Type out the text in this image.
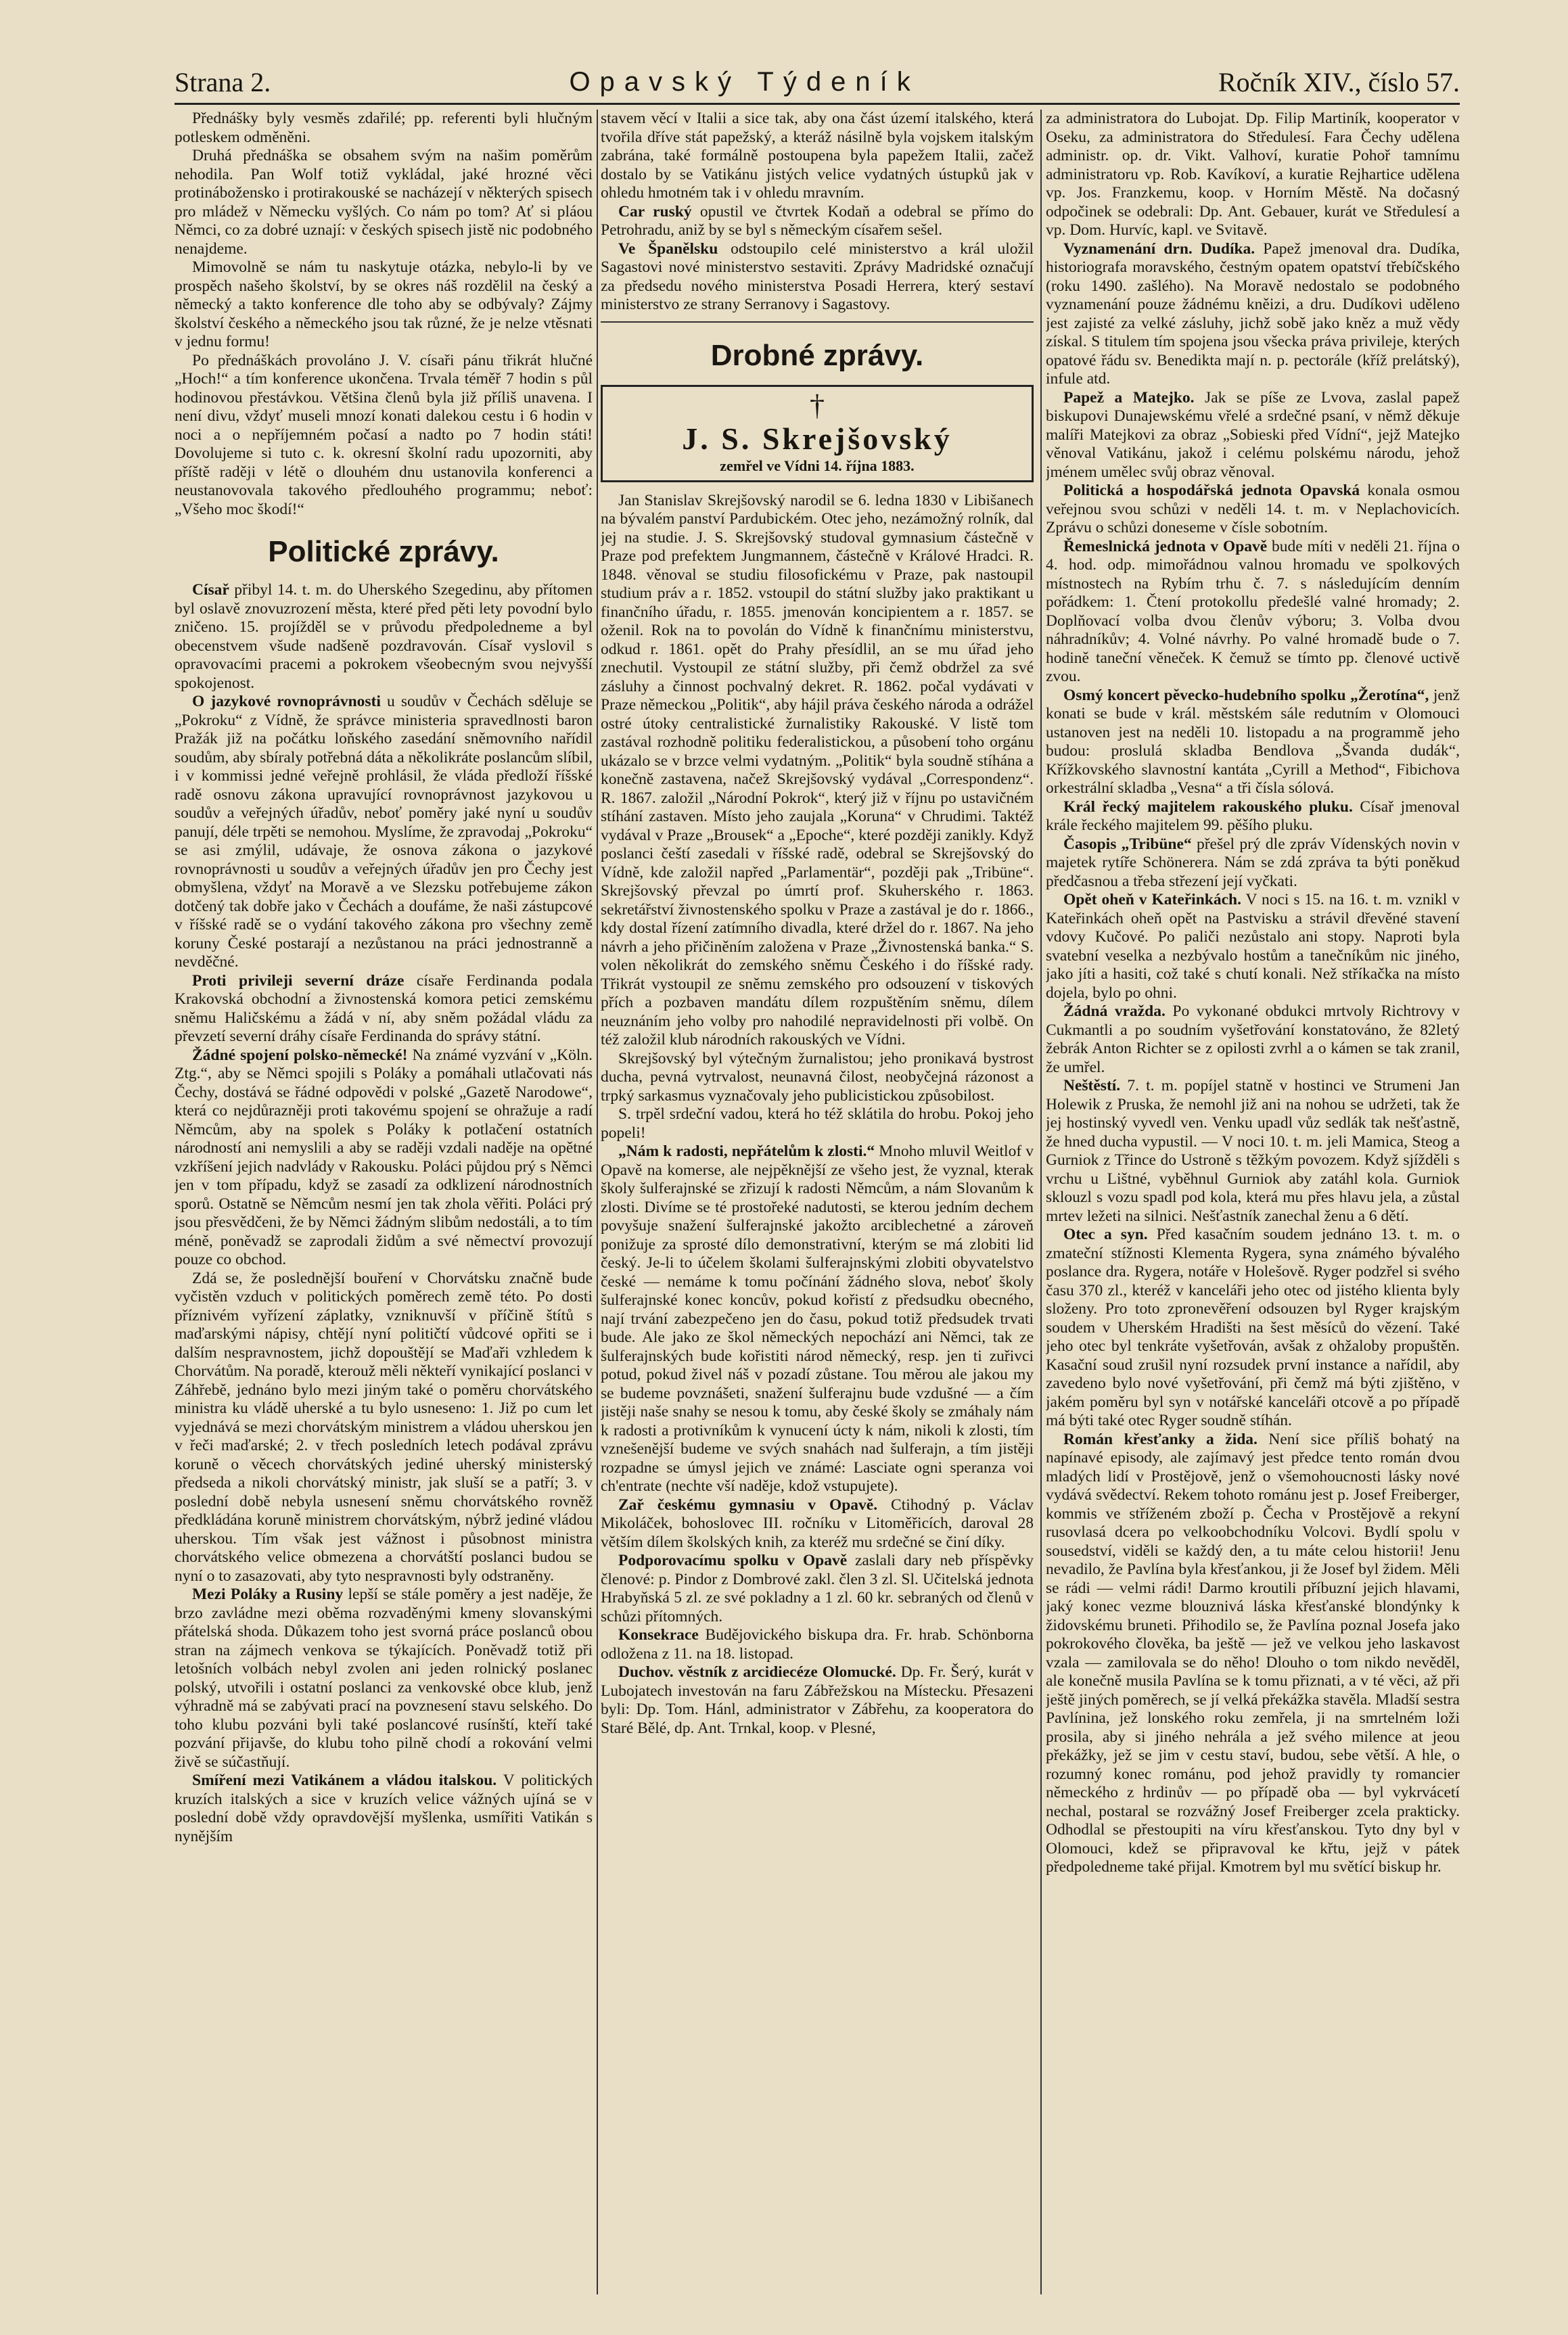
Strana 2.	Opavský Týdeník	Ročník XIV., číslo 57.

Přednášky byly vesměs zdařilé; pp. referenti byli hlučným potleskem odměněni.

Druhá přednáška se obsahem svým na našim poměrům nehodila. Pan Wolf totiž vykládal, jaké hrozné věci protinábožensko i protirakouské se nacházejí v některých spisech pro mládež v Německu vyšlých. Co nám po tom? Ať si pláou Němci, co za dobré uznají: v českých spisech jistě nic podobného nenajdeme.

Mimovolně se nám tu naskytuje otázka, nebylo-li by ve prospěch našeho školství, by se okres náš rozdělil na český a německý a takto konference dle toho aby se odbývaly? Zájmy školství českého a německého jsou tak různé, že je nelze vtěsnati v jednu formu!

Po přednáškách provoláno J. V. císaři pánu třikrát hlučné „Hoch!“ a tím konference ukončena. Trvala téměř 7 hodin s půl hodinovou přestávkou. Většina členů byla již příliš unavena. I není divu, vždyť museli mnozí konati dalekou cestu i 6 hodin v noci a o nepříjemném počasí a nadto po 7 hodin státi! Dovolujeme si tuto c. k. okresní školní radu upozorniti, aby příště raději v létě o dlouhém dnu ustanovila konferenci a neustanovovala takového předlouhého programmu; neboť: „Všeho moc škodí!“

Politické zprávy.

Císař přibyl 14. t. m. do Uherského Szegedinu, aby přítomen byl oslavě znovuzrození města, které před pěti lety povodní bylo zničeno. 15. projížděl se v průvodu předpoledneme a byl obecenstvem všude nadšeně pozdravován. Císař vyslovil s opravovacími pracemi a pokrokem všeobecným svou nejvyšší spokojenost.

O jazykové rovnoprávnosti u soudův v Čechách sděluje se „Pokroku“ z Vídně, že správce ministeria spravedlnosti baron Pražák již na počátku loňského zasedání sněmovního nařídil soudům, aby sbíraly potřebná dáta a několikráte poslancům slíbil, i v kommissi jedné veřejně prohlásil, že vláda předloží říšské radě osnovu zákona upravující rovnoprávnost jazykovou u soudův a veřejných úřadův, neboť poměry jaké nyní u soudův panují, déle trpěti se nemohou. Myslíme, že zpravodaj „Pokroku“ se asi zmýlil, udávaje, že osnova zákona o jazykové rovnoprávnosti u soudův a veřejných úřadův jen pro Čechy jest obmyšlena, vždyť na Moravě a ve Slezsku potřebujeme zákon dotčený tak dobře jako v Čechách a doufáme, že naši zástupcové v říšské radě se o vydání takového zákona pro všechny země koruny České postarají a nezůstanou na práci jednostranně a nevděčné.

Proti privileji severní dráze císaře Ferdinanda podala Krakovská obchodní a živnostenská komora petici zemskému sněmu Haličskému a žádá v ní, aby sněm požádal vládu za převzetí severní dráhy císaře Ferdinanda do správy státní.

Žádné spojení polsko-německé! Na známé vyzvání v „Köln. Ztg.“, aby se Němci spojili s Poláky a pomáhali utlačovati nás Čechy, dostává se řádné odpovědi v polské „Gazetě Narodowe“, která co nejdůrazněji proti takovému spojení se ohražuje a radí Němcům, aby na spolek s Poláky k potlačení ostatních národností ani nemyslili a aby se raději vzdali naděje na opětné vzkříšení jejich nadvlády v Rakousku. Poláci půjdou prý s Němci jen v tom případu, když se zasadí za odklizení národnostních sporů. Ostatně se Němcům nesmí jen tak zhola věřiti. Poláci prý jsou přesvědčeni, že by Němci žádným slibům nedostáli, a to tím méně, poněvadž se zaprodali židům a své němectví provozují pouze co obchod.

Zdá se, že poslednější bouření v Chorvátsku značně bude vyčistěn vzduch v politických poměrech země této. Po dosti příznivém vyřízení záplatky, vzniknuvší v příčině štítů s maďarskými nápisy, chtějí nyní političtí vůdcové opřiti se i dalším nespravnostem, jichž dopouštějí se Maďaři vzhledem k Chorvátům. Na poradě, kterouž měli někteří vynikající poslanci v Záhřebě, jednáno bylo mezi jiným také o poměru chorvátského ministra ku vládě uherské a tu bylo usneseno: 1. Již po cum let vyjednává se mezi chorvátským ministrem a vládou uherskou jen v řeči maďarské; 2. v třech posledních letech podával zprávu koruně o věcech chorvátských jediné uherský ministerský předseda a nikoli chorvátský ministr, jak sluší se a patří; 3. v poslední době nebyla usnesení sněmu chorvátského rovněž předkládána koruně ministrem chorvátským, nýbrž jediné vládou uherskou. Tím však jest vážnost i působnost ministra chorvátského velice obmezena a chorvátští poslanci budou se nyní o to zasazovati, aby tyto nespravnosti byly odstraněny.

Mezi Poláky a Rusiny lepší se stále poměry a jest naděje, že brzo zavládne mezi oběma rozvaděnými kmeny slovanskými přátelská shoda. Důkazem toho jest svorná práce poslanců obou stran na zájmech venkova se týkajících. Poněvadž totiž při letošních volbách nebyl zvolen ani jeden rolnický poslanec polský, utvořili i ostatní poslanci za venkovské obce klub, jenž výhradně má se zabývati prací na povznesení stavu selského. Do toho klubu pozváni byli také poslancové rusínští, kteří také pozvání přijavše, do klubu toho pilně chodí a rokování velmi živě se súčastňují.

Smíření mezi Vatikánem a vládou italskou. V politických kruzích italských a sice v kruzích velice vážných ujíná se v poslední době vždy opravdovější myšlenka, usmířiti Vatikán s nynějším

stavem věcí v Italii a sice tak, aby ona část území italského, která tvořila dříve stát papežský, a kteráž násilně byla vojskem italským zabrána, také formálně postoupena byla papežem Italii, začež dostalo by se Vatikánu jistých velice vydatných ústupků jak v ohledu hmotném tak i v ohledu mravním.

Car ruský opustil ve čtvrtek Kodaň a odebral se přímo do Petrohradu, aniž by se byl s německým císařem sešel.

Ve Španělsku odstoupilo celé ministerstvo a král uložil Sagastovi nové ministerstvo sestaviti. Zprávy Madridské označují za předsedu nového ministerstva Posadi Herrera, který sestaví ministerstvo ze strany Serranovy i Sagastovy.

Drobné zprávy.
†
J. S. Skrejšovský
zemřel ve Vídni 14. října 1883.

Jan Stanislav Skrejšovský narodil se 6. ledna 1830 v Libišanech na bývalém panství Pardubickém. Otec jeho, nezámožný rolník, dal jej na studie. J. S. Skrejšovský studoval gymnasium částečně v Praze pod prefektem Jungmannem, částečně v Králové Hradci. R. 1848. věnoval se studiu filosofickému v Praze, pak nastoupil studium práv a r. 1852. vstoupil do státní služby jako praktikant u finančního úřadu, r. 1855. jmenován koncipientem a r. 1857. se oženil. Rok na to povolán do Vídně k finančnímu ministerstvu, odkud r. 1861. opět do Prahy přesídlil, an se mu úřad jeho znechutil. Vystoupil ze státní služby, při čemž obdržel za své zásluhy a činnost pochvalný dekret. R. 1862. počal vydávati v Praze německou „Politik“, aby hájil práva českého národa a odrážel ostré útoky centralistické žurnalistiky Rakouské. V listě tom zastával rozhodně politiku federalistickou, a působení toho orgánu ukázalo se v brzce velmi vydatným. „Politik“ byla soudně stíhána a konečně zastavena, načež Skrejšovský vydával „Correspondenz“. R. 1867. založil „Národní Pokrok“, který již v říjnu po ustavičném stíhání zastaven. Místo jeho zaujala „Koruna“ v Chrudimi. Taktéž vydával v Praze „Brousek“ a „Epoche“, které později zanikly. Když poslanci čeští zasedali v říšské radě, odebral se Skrejšovský do Vídně, kde založil napřed „Parlamentär“, později pak „Tribüne“. Skrejšovský převzal po úmrtí prof. Skuherského r. 1863. sekretářství živnostenského spolku v Praze a zastával je do r. 1866., kdy dostal řízení zatímního divadla, které držel do r. 1867. Na jeho návrh a jeho přičiněním založena v Praze „Živnostenská banka.“ S. volen několikrát do zemského sněmu Českého i do říšské rady. Třikrát vystoupil ze sněmu zemského pro odsouzení v tiskových přích a pozbaven mandátu dílem rozpuštěním sněmu, dílem neuznáním jeho volby pro nahodilé nepravidelnosti při volbě. On též založil klub národních rakouských ve Vídni.

Skrejšovský byl výtečným žurnalistou; jeho pronikavá bystrost ducha, pevná vytrvalost, neunavná čilost, neobyčejná rázonost a trpký sarkasmus vyznačovaly jeho publicistickou způsobilost.

S. trpěl srdeční vadou, která ho též sklátila do hrobu. Pokoj jeho popeli!

„Nám k radosti, nepřátelům k zlosti.“ Mnoho mluvil Weitlof v Opavě na komerse, ale nejpěknější ze všeho jest, že vyznal, kterak školy šulferajnské se zřizují k radosti Němcům, a nám Slovanům k zlosti. Divíme se té prostořeké nadutosti, se kterou jedním dechem povyšuje snažení šulferajnské jakožto arciblechetné a zároveň ponižuje za sprosté dílo demonstrativní, kterým se má zlobiti lid český. Je-li to účelem školami šulferajnskými zlobiti obyvatelstvo české — nemáme k tomu počínání žádného slova, neboť školy šulferajnské konec koncův, pokud kořistí z předsudku obecného, nají trvání zabezpečeno jen do času, pokud totiž předsudek trvati bude. Ale jako ze škol německých nepochází ani Němci, tak ze šulferajnských bude kořistiti národ německý, resp. jen ti zuřivci potud, pokud živel náš v pozadí zůstane. Tou měrou ale jakou my se budeme povznášeti, snažení šulferajnu bude vzdušné — a čím jistěji naše snahy se nesou k tomu, aby české školy se zmáhaly nám k radosti a protivníkům k vynucení úcty k nám, nikoli k zlosti, tím vznešenější budeme ve svých snahách nad šulferajn, a tím jistěji rozpadne se úmysl jejich ve známé: Lasciate ogni speranza voi ch'entrate (nechte vší naděje, kdož vstupujete).

Zař českému gymnasiu v Opavě. Ctihodný p. Václav Mikoláček, bohoslovec III. ročníku v Litoměřicích, daroval 28 větším dílem školských knih, za kteréž mu srdečné se činí díky.

Podporovacímu spolku v Opavě zaslali dary neb příspěvky členové: p. Pindor z Dombrové zakl. člen 3 zl. Sl. Učitelská jednota Hrabyňská 5 zl. ze své pokladny a 1 zl. 60 kr. sebraných od členů v schůzi přítomných.

Konsekrace Budějovického biskupa dra. Fr. hrab. Schönborna odložena z 11. na 18. listopad.

Duchov. věstník z arcidiecéze Olomucké. Dp. Fr. Šerý, kurát v Lubojatech investován na faru Zábřežskou na Místecku. Přesazeni byli: Dp. Tom. Hánl, administrator v Zábřehu, za kooperatora do Staré Bělé, dp. Ant. Trnkal, koop. v Plesné,

za administratora do Lubojat. Dp. Filip Martiník, kooperator v Oseku, za administratora do Středulesí. Fara Čechy udělena administr. op. dr. Vikt. Valhoví, kuratie Pohoř tamnímu administratoru vp. Rob. Kavíkoví, a kuratie Rejhartice udělena vp. Jos. Franzkemu, koop. v Horním Městě. Na dočasný odpočinek se odebrali: Dp. Ant. Gebauer, kurát ve Středulesí a vp. Dom. Hurvíc, kapl. ve Svitavě.

Vyznamenání drn. Dudíka. Papež jmenoval dra. Dudíka, historiografa moravského, čestným opatem opatství třebíčského (roku 1490. zašlého). Na Moravě nedostalo se podobného vyznamenání pouze žádnému kněizi, a dru. Dudíkovi uděleno jest zajisté za velké zásluhy, jichž sobě jako kněz a muž vědy získal. S titulem tím spojena jsou všecka práva privileje, kterých opatové řádu sv. Benedikta mají n. p. pectorále (kříž prelátský), infule atd.

Papež a Matejko. Jak se píše ze Lvova, zaslal papež biskupovi Dunajewskému vřelé a srdečné psaní, v němž děkuje malíři Matejkovi za obraz „Sobieski před Vídní“, jejž Matejko věnoval Vatikánu, jakož i celému polskému národu, jehož jménem umělec svůj obraz věnoval.

Politická a hospodářská jednota Opavská konala osmou veřejnou svou schůzi v neděli 14. t. m. v Neplachovicích. Zprávu o schůzi doneseme v čísle sobotním.

Řemeslnická jednota v Opavě bude míti v neděli 21. října o 4. hod. odp. mimořádnou valnou hromadu ve spolkových místnostech na Rybím trhu č. 7. s následujícím denním pořádkem: 1. Čtení protokollu předešlé valné hromady; 2. Doplňovací volba dvou členův výboru; 3. Volba dvou náhradníkův; 4. Volné návrhy. Po valné hromadě bude o 7. hodině taneční věneček. K čemuž se tímto pp. členové uctivě zvou.

Osmý koncert pěvecko-hudebního spolku „Žerotína“, jenž konati se bude v král. městském sále redutním v Olomouci ustanoven jest na neděli 10. listopadu a na programmě jeho budou: proslulá skladba Bendlova „Švanda dudák“, Křížkovského slavnostní kantáta „Cyrill a Method“, Fibichova orkestrální skladba „Vesna“ a tři čísla sólová.

Král řecký majitelem rakouského pluku. Císař jmenoval krále řeckého majitelem 99. pěšího pluku.

Časopis „Tribüne“ přešel prý dle zpráv Vídenských novin v majetek rytíře Schönerera. Nám se zdá zpráva ta býti poněkud předčasnou a třeba střezení její vyčkati.

Opět oheň v Kateřinkách. V noci s 15. na 16. t. m. vznikl v Kateřinkách oheň opět na Pastvisku a strávil dřevěné stavení vdovy Kučové. Po paliči nezůstalo ani stopy. Naproti byla svatební veselka a nezbývalo hostům a tanečníkům nic jiného, jako jíti a hasiti, což také s chutí konali. Než stříkačka na místo dojela, bylo po ohni.

Žádná vražda. Po vykonané obdukci mrtvoly Richtrovy v Cukmantli a po soudním vyšetřování konstatováno, že 82letý žebrák Anton Richter se z opilosti zvrhl a o kámen se tak zranil, že umřel.

Neštěstí. 7. t. m. popíjel statně v hostinci ve Strumeni Jan Holewik z Pruska, že nemohl již ani na nohou se udržeti, tak že jej hostinský vyvedl ven. Venku upadl vůz sedlák tak nešťastně, že hned ducha vypustil. — V noci 10. t. m. jeli Mamica, Steog a Gurniok z Třince do Ustroně s těžkým povozem. Když sjížděli s vrchu u Lištné, vyběhnul Gurniok aby zatáhl kola. Gurniok sklouzl s vozu spadl pod kola, která mu přes hlavu jela, a zůstal mrtev ležeti na silnici. Nešťastník zanechal ženu a 6 dětí.

Otec a syn. Před kasačním soudem jednáno 13. t. m. o zmateční stížnosti Klementa Rygera, syna známého bývalého poslance dra. Rygera, notáře v Holešově. Ryger podzřel si svého času 370 zl., kteréž v kanceláři jeho otec od jistého klienta byly složeny. Pro toto zpronevěření odsouzen byl Ryger krajským soudem v Uherském Hradišti na šest měsíců do vězení. Také jeho otec byl tenkráte vyšetřován, avšak z ohžaloby propuštěn. Kasační soud zrušil nyní rozsudek první instance a nařídil, aby zavedeno bylo nové vyšetřování, při čemž má býti zjištěno, v jakém poměru byl syn v notářské kanceláři otcově a po případě má býti také otec Ryger soudně stíhán.

Román křesťanky a žida. Není sice příliš bohatý na napínavé episody, ale zajímavý jest předce tento román dvou mladých lidí v Prostějově, jenž o všemohoucnosti lásky nové vydává svědectví. Rekem tohoto románu jest p. Josef Freiberger, kommis ve stříženém zboží p. Čecha v Prostějově a rekyní rusovlasá dcera po velkoobchodníku Volcovi. Bydlí spolu v sousedství, viděli se každý den, a tu máte celou historii! Jenu nevadilo, že Pavlína byla křesťankou, ji že Josef byl židem. Měli se rádi — velmi rádi! Darmo kroutili příbuzní jejich hlavami, jaký konec vezme blouznivá láska křesťanské blondýnky k židovskému bruneti. Přihodilo se, že Pavlína poznal Josefa jako pokrokového člověka, ba ještě — jež ve velkou jeho laskavost vzala — zamilovala se do něho! Dlouho o tom nikdo nevěděl, ale konečně musila Pavlína se k tomu přiznati, a v té věci, až při ještě jiných poměrech, se jí velká překážka stavěla. Mladší sestra Pavlínina, jež lonského roku zemřela, ji na smrtelném loži prosila, aby si jiného nehrála a jež svého milence at jeou překážky, jež se jim v cestu staví, budou, sebe větší. A hle, o rozumný konec románu, pod jehož pravidly ty romancier německého z hrdinův — po případě oba — byl vykrvácetí nechal, postaral se rozvážný Josef Freiberger zcela prakticky. Odhodlal se přestoupiti na víru křesťanskou. Tyto dny byl v Olomouci, kdež se připravoval ke křtu, jejž v pátek předpoledneme také přijal. Kmotrem byl mu světící biskup hr.
